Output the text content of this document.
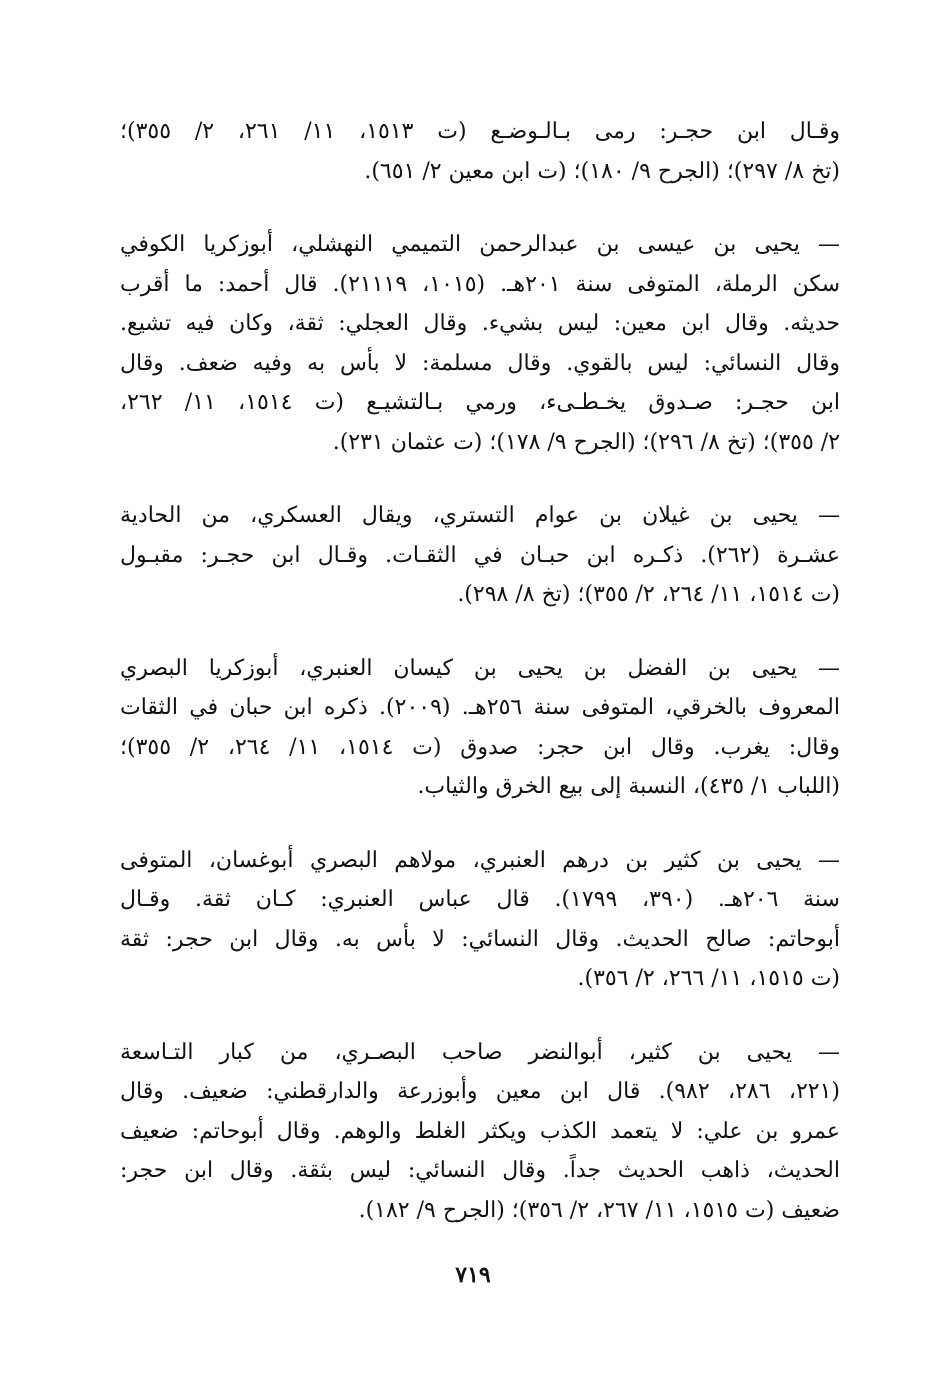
وقـال ابن حجـر: رمى بـالـوضـع (ت ١٥١٣، ١١/ ٢٦١، ٢/ ٣٥٥)؛
(تخ ٨/ ٢٩٧)؛ (الجرح ٩/ ١٨٠)؛ (ت ابن معين ٢/ ٦٥١).
— يحيى بن عيسى بن عبدالرحمن التميمي النهشلي، أبوزكريا الكوفي
سكن الرملة، المتوفى سنة ٢٠١هـ. (١٠١٥، ٢١١١٩). قال أحمد: ما أقرب
حديثه. وقال ابن معين: ليس بشيء. وقال العجلي: ثقة، وكان فيه تشيع.
وقال النسائي: ليس بالقوي. وقال مسلمة: لا بأس به وفيه ضعف. وقال
ابن حجـر: صـدوق يخـطـىء، ورمي بـالتشيـع (ت ١٥١٤، ١١/ ٢٦٢،
٢/ ٣٥٥)؛ (تخ ٨/ ٢٩٦)؛ (الجرح ٩/ ١٧٨)؛ (ت عثمان ٢٣١).
— يحيى بن غيلان بن عوام التستري، ويقال العسكري، من الحادية
عشـرة (٢٦٢). ذكـره ابن حبـان في الثقـات. وقـال ابن حجـر: مقبـول
(ت ١٥١٤، ١١/ ٢٦٤، ٢/ ٣٥٥)؛ (تخ ٨/ ٢٩٨).
— يحيى بن الفضل بن يحيى بن كيسان العنبري، أبوزكريا البصري
المعروف بالخرقي، المتوفى سنة ٢٥٦هـ. (٢٠٠٩). ذكره ابن حبان في الثقات
وقال: يغرب. وقال ابن حجر: صدوق (ت ١٥١٤، ١١/ ٢٦٤، ٢/ ٣٥٥)؛
(اللباب ١/ ٤٣٥)، النسبة إلى بيع الخرق والثياب.
— يحيى بن كثير بن درهم العنبري، مولاهم البصري أبوغسان، المتوفى
سنة ٢٠٦هـ. (٣٩٠، ١٧٩٩). قال عباس العنبري: كـان ثقة. وقـال
أبوحاتم: صالح الحديث. وقال النسائي: لا بأس به. وقال ابن حجر: ثقة
(ت ١٥١٥، ١١/ ٢٦٦، ٢/ ٣٥٦).
— يحيى بن كثير، أبوالنضر صاحب البصـري، من كبار التـاسعة
(٢٢١، ٢٨٦، ٩٨٢). قال ابن معين وأبوزرعة والدارقطني: ضعيف. وقال
عمرو بن علي: لا يتعمد الكذب ويكثر الغلط والوهم. وقال أبوحاتم: ضعيف
الحديث، ذاهب الحديث جداً. وقال النسائي: ليس بثقة. وقال ابن حجر:
ضعيف (ت ١٥١٥، ١١/ ٢٦٧، ٢/ ٣٥٦)؛ (الجرح ٩/ ١٨٢).
٧١٩
